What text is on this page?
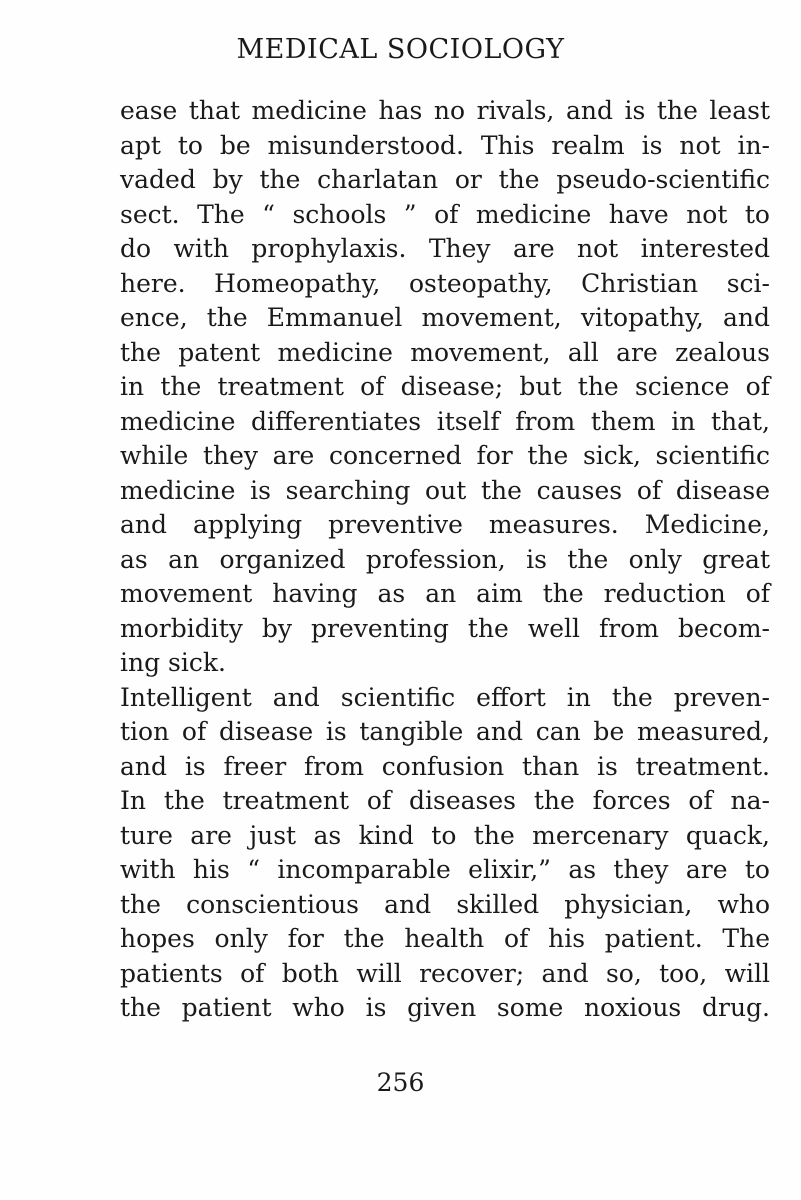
MEDICAL SOCIOLOGY
ease that medicine has no rivals, and is the least
apt to be misunderstood. This realm is not in-
vaded by the charlatan or the pseudo-scientific
sect. The “ schools ” of medicine have not to
do with prophylaxis. They are not interested
here. Homeopathy, osteopathy, Christian sci-
ence, the Emmanuel movement, vitopathy, and
the patent medicine movement, all are zealous
in the treatment of disease; but the science of
medicine differentiates itself from them in that,
while they are concerned for the sick, scientific
medicine is searching out the causes of disease
and applying preventive measures. Medicine,
as an organized profession, is the only great
movement having as an aim the reduction of
morbidity by preventing the well from becom-
ing sick.
Intelligent and scientific effort in the preven-
tion of disease is tangible and can be measured,
and is freer from confusion than is treatment.
In the treatment of diseases the forces of na-
ture are just as kind to the mercenary quack,
with his “ incomparable elixir,” as they are to
the conscientious and skilled physician, who
hopes only for the health of his patient. The
patients of both will recover; and so, too, will
the patient who is given some noxious drug.
256
